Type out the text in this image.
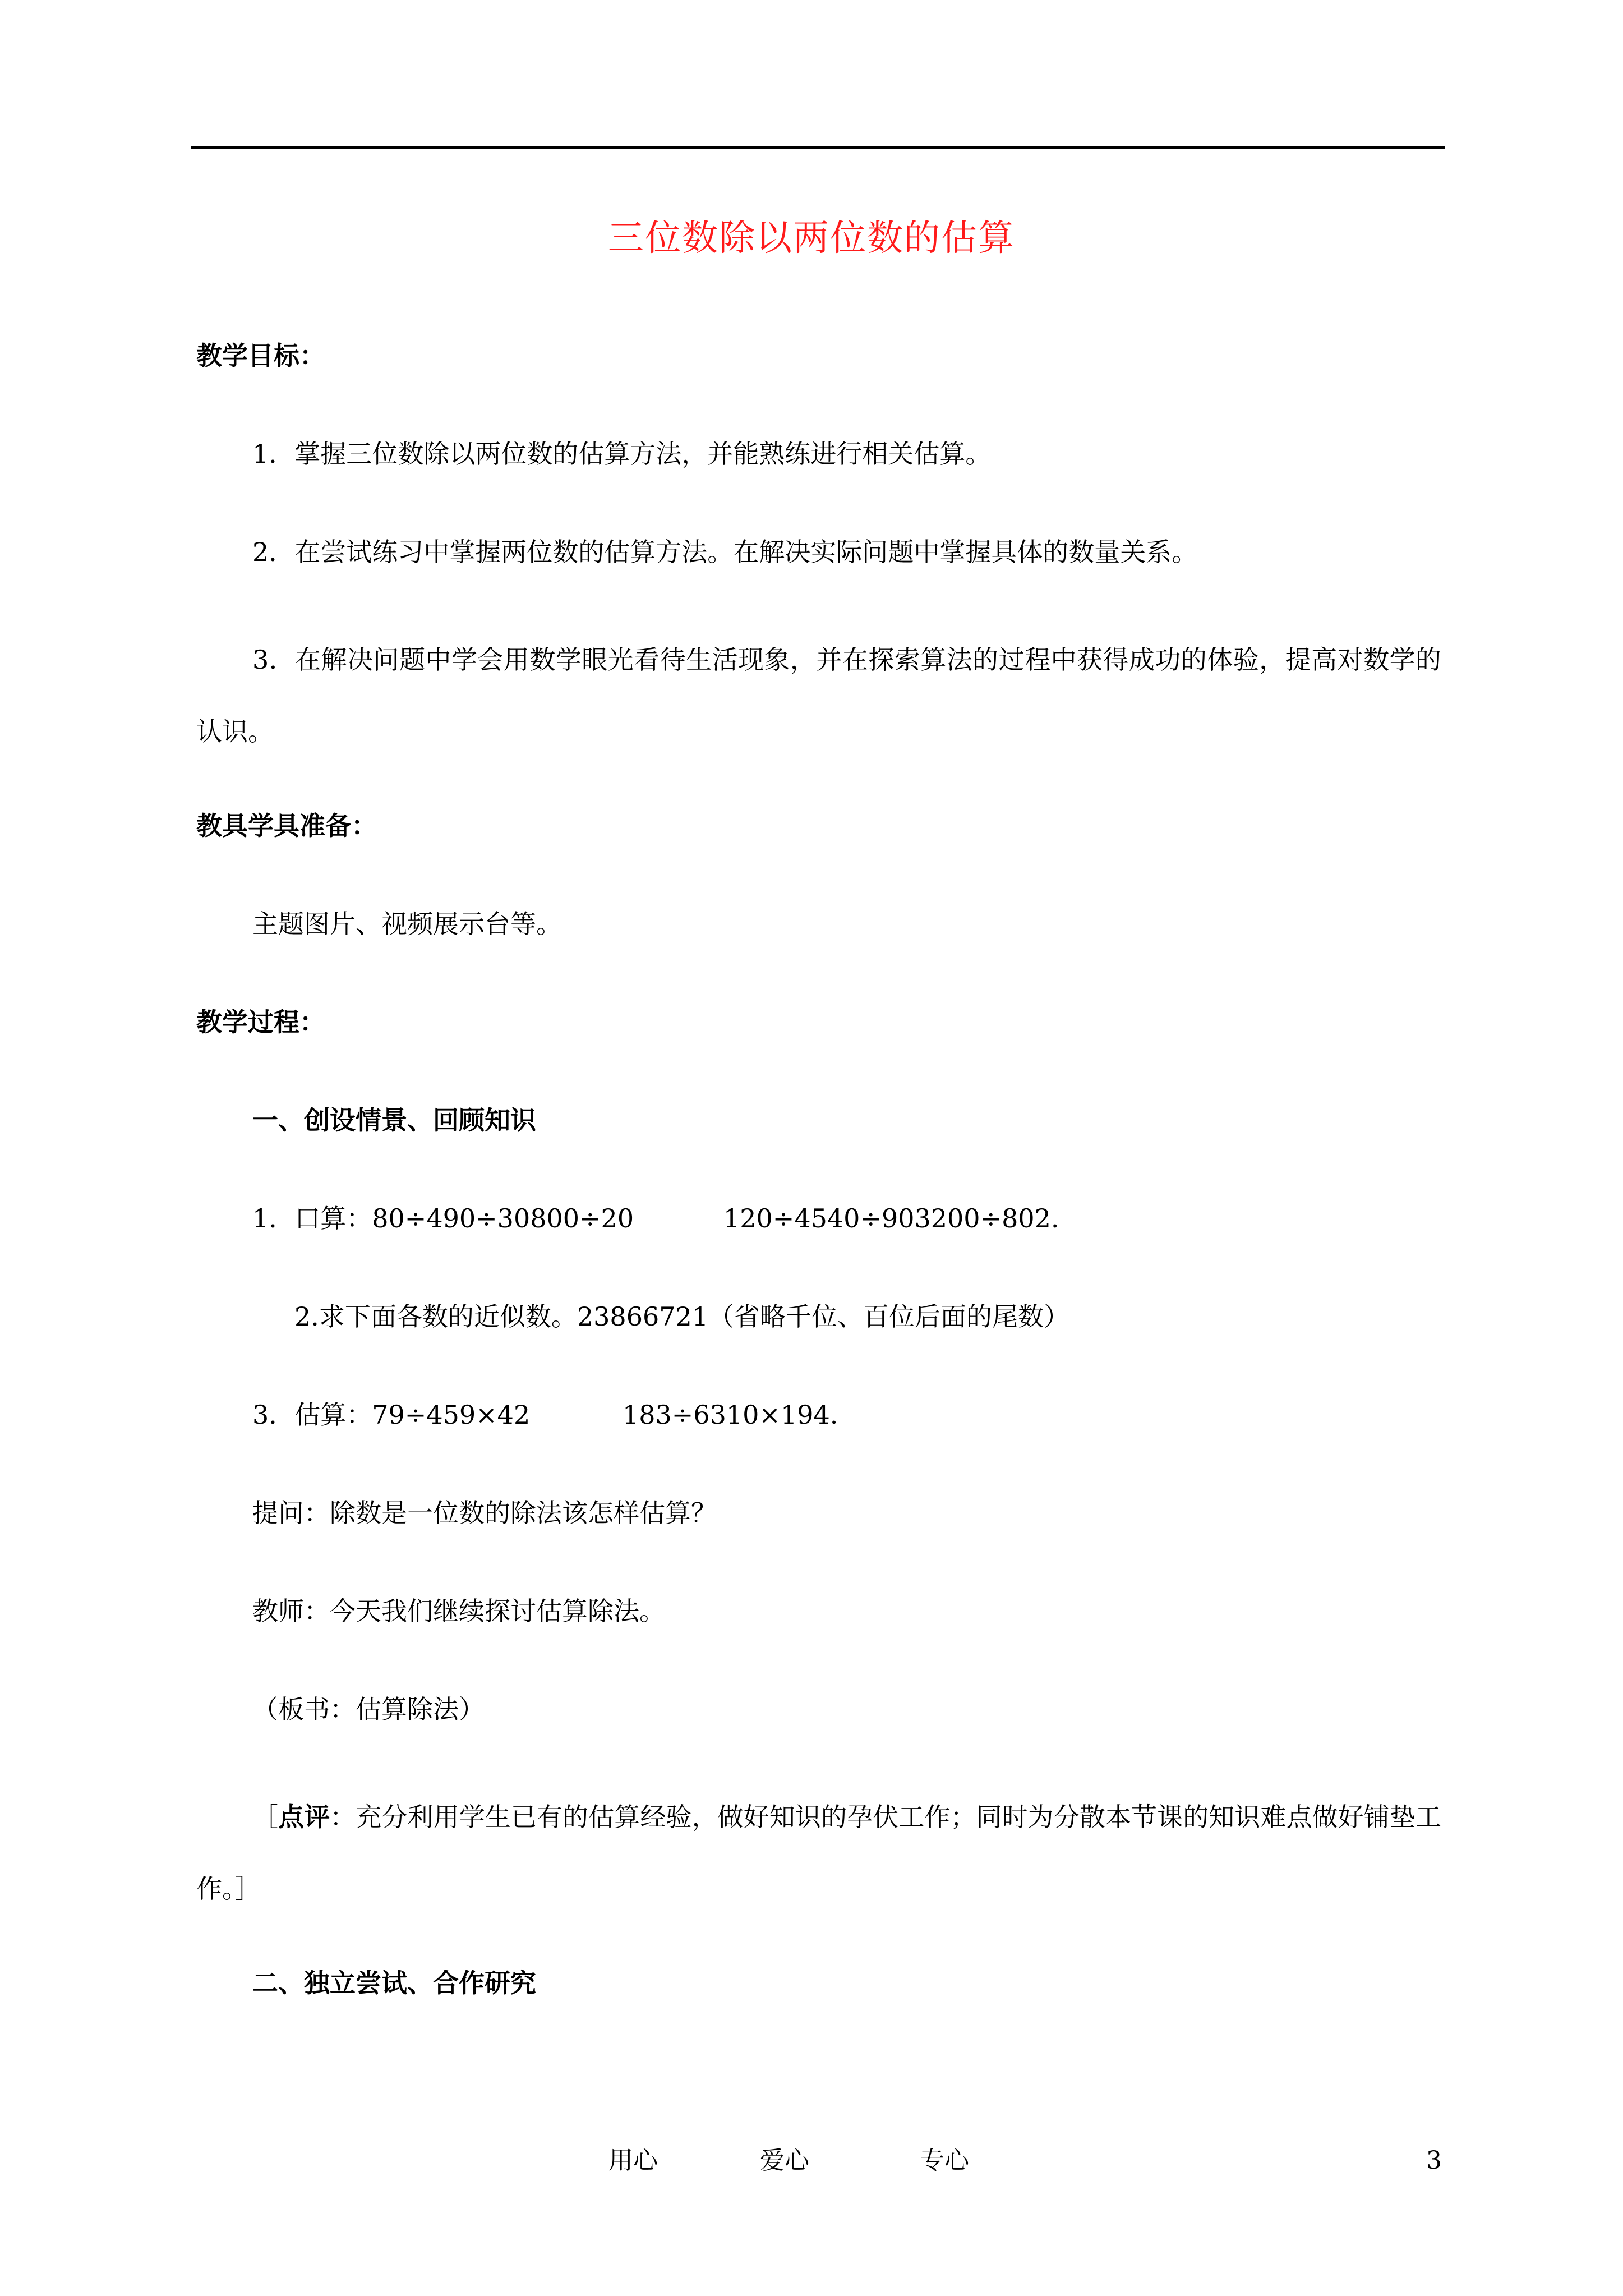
三位数除以两位数的估算
教学目标：
1．掌握三位数除以两位数的估算方法，并能熟练进行相关估算。
2．在尝试练习中掌握两位数的估算方法。在解决实际问题中掌握具体的数量关系。
3．在解决问题中学会用数学眼光看待生活现象，并在探索算法的过程中获得成功的体验，提高对数学的认识。
教具学具准备：
主题图片、视频展示台等。
教学过程：
一、创设情景、回顾知识
1．口算：80÷490÷30800÷20	120÷4540÷903200÷802.
2.求下面各数的近似数。23866721（省略千位、百位后面的尾数）
3．估算：79÷459×42	183÷6310×194.
提问：除数是一位数的除法该怎样估算？
教师：今天我们继续探讨估算除法。
（板书：估算除法）
［点评：充分利用学生已有的估算经验，做好知识的孕伏工作；同时为分散本节课的知识难点做好铺垫工作。］
二、独立尝试、合作研究
用心	爱心	专心	3
